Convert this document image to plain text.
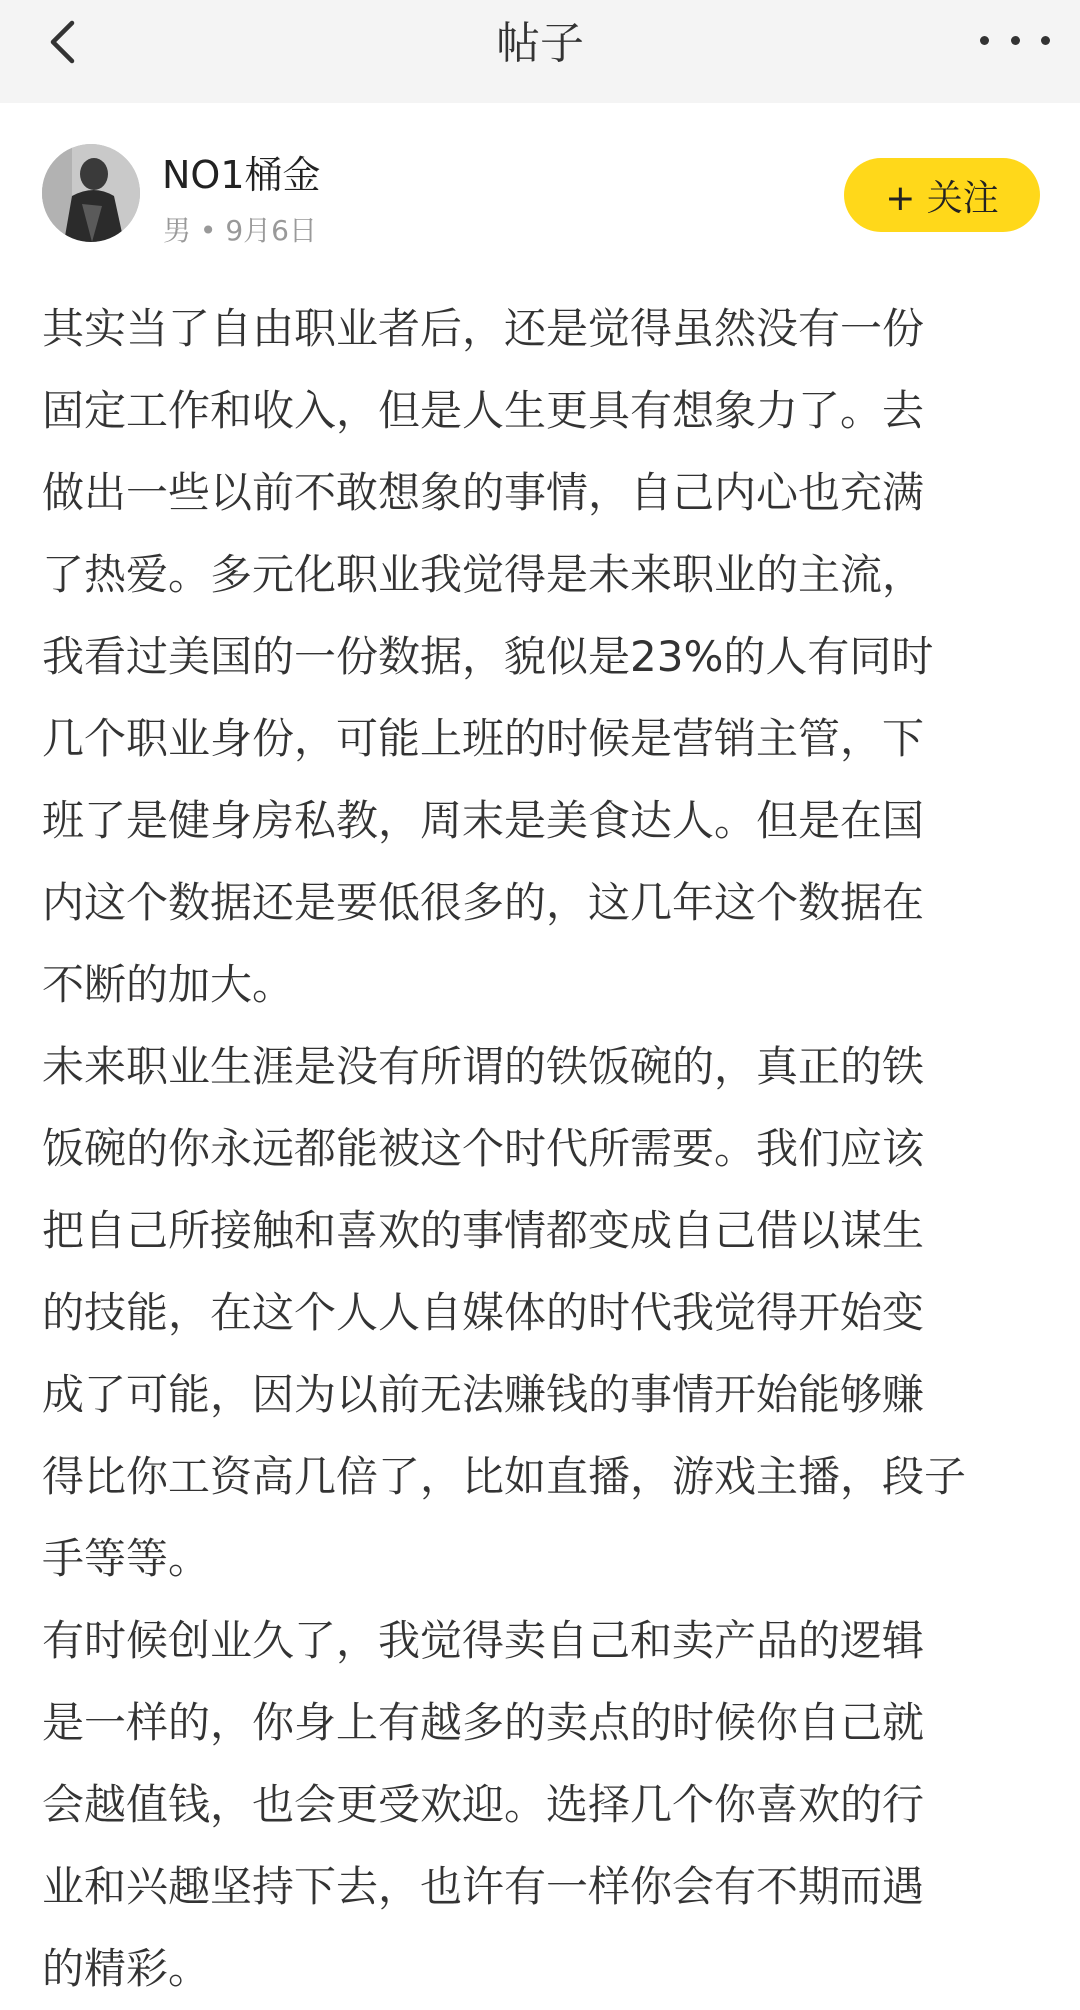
帖子
NO1桶金
男 • 9月6日
+ 关注
其实当了自由职业者后，还是觉得虽然没有一份
固定工作和收入，但是人生更具有想象力了。去
做出一些以前不敢想象的事情，自己内心也充满
了热爱。多元化职业我觉得是未来职业的主流，
我看过美国的一份数据，貌似是23%的人有同时
几个职业身份，可能上班的时候是营销主管，下
班了是健身房私教，周末是美食达人。但是在国
内这个数据还是要低很多的，这几年这个数据在
不断的加大。
未来职业生涯是没有所谓的铁饭碗的，真正的铁
饭碗的你永远都能被这个时代所需要。我们应该
把自己所接触和喜欢的事情都变成自己借以谋生
的技能，在这个人人自媒体的时代我觉得开始变
成了可能，因为以前无法赚钱的事情开始能够赚
得比你工资高几倍了，比如直播，游戏主播，段子
手等等。
有时候创业久了，我觉得卖自己和卖产品的逻辑
是一样的，你身上有越多的卖点的时候你自己就
会越值钱，也会更受欢迎。选择几个你喜欢的行
业和兴趣坚持下去，也许有一样你会有不期而遇
的精彩。
